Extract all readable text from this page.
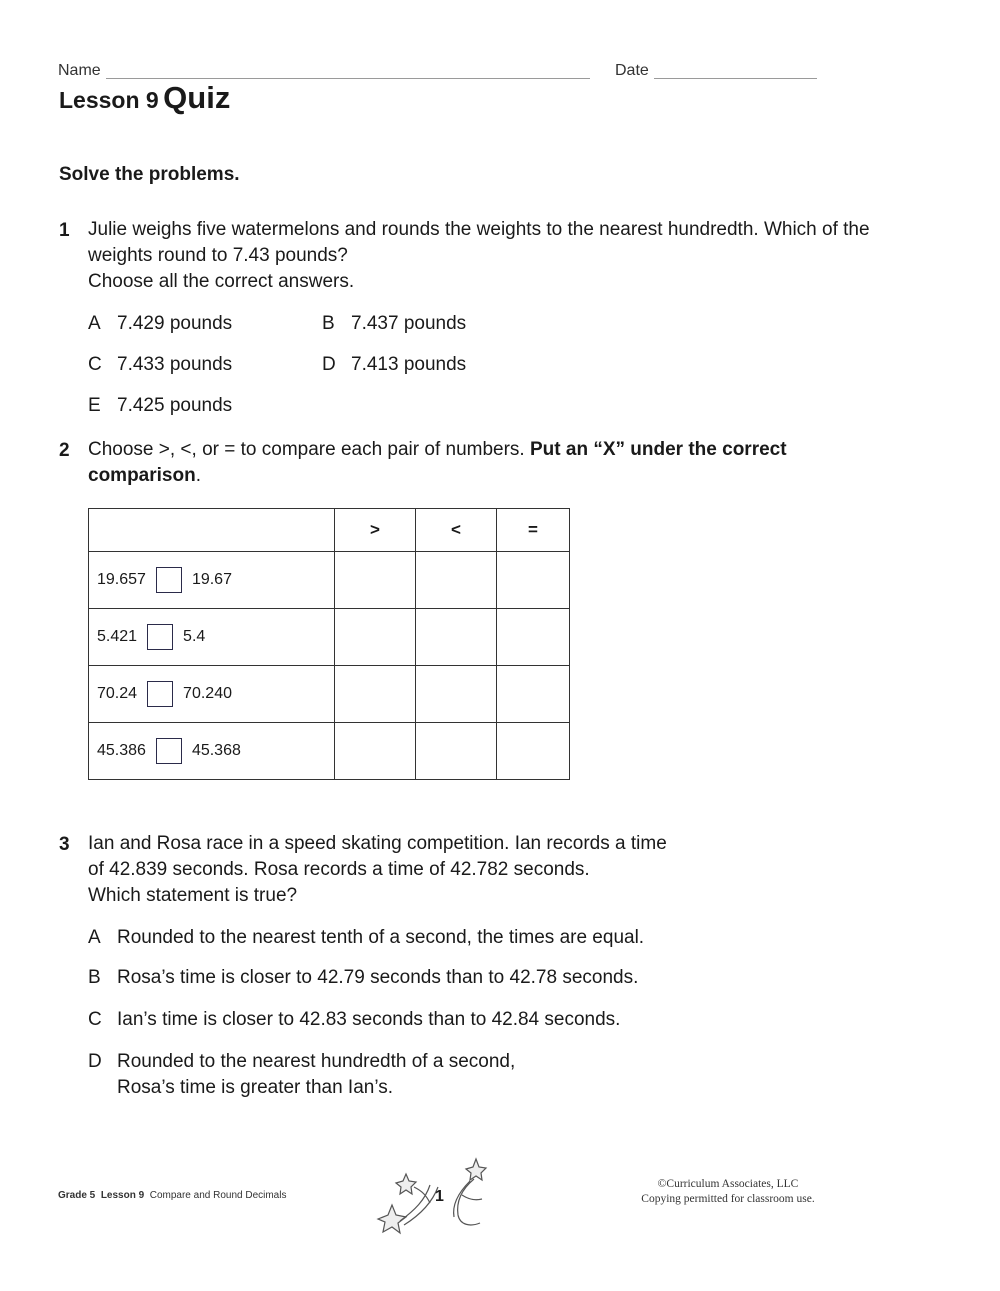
Name	Date
Lesson 9 Quiz
Solve the problems.
1 Julie weighs five watermelons and rounds the weights to the nearest hundredth. Which of the
weights round to 7.43 pounds?
Choose all the correct answers.
A 7.429 pounds	B 7.437 pounds
C 7.433 pounds	D 7.413 pounds
E 7.425 pounds
2 Choose >, <, or = to compare each pair of numbers. Put an “X” under the correct
comparison.
	>	<	=

19.657 19.67			

5.421 5.4			

70.24 70.240			

45.386 45.368			

3 Ian and Rosa race in a speed skating competition. Ian records a time
of 42.839 seconds. Rosa records a time of 42.782 seconds.
Which statement is true?
A Rounded to the nearest tenth of a second, the times are equal.
B Rosa’s time is closer to 42.79 seconds than to 42.78 seconds.
C Ian’s time is closer to 42.83 seconds than to 42.84 seconds.
D Rounded to the nearest hundredth of a second,
Rosa’s time is greater than Ian’s.
Grade 5 Lesson 9 Compare and Round Decimals	1
©Curriculum Associates, LLC
Copying permitted for classroom use.
